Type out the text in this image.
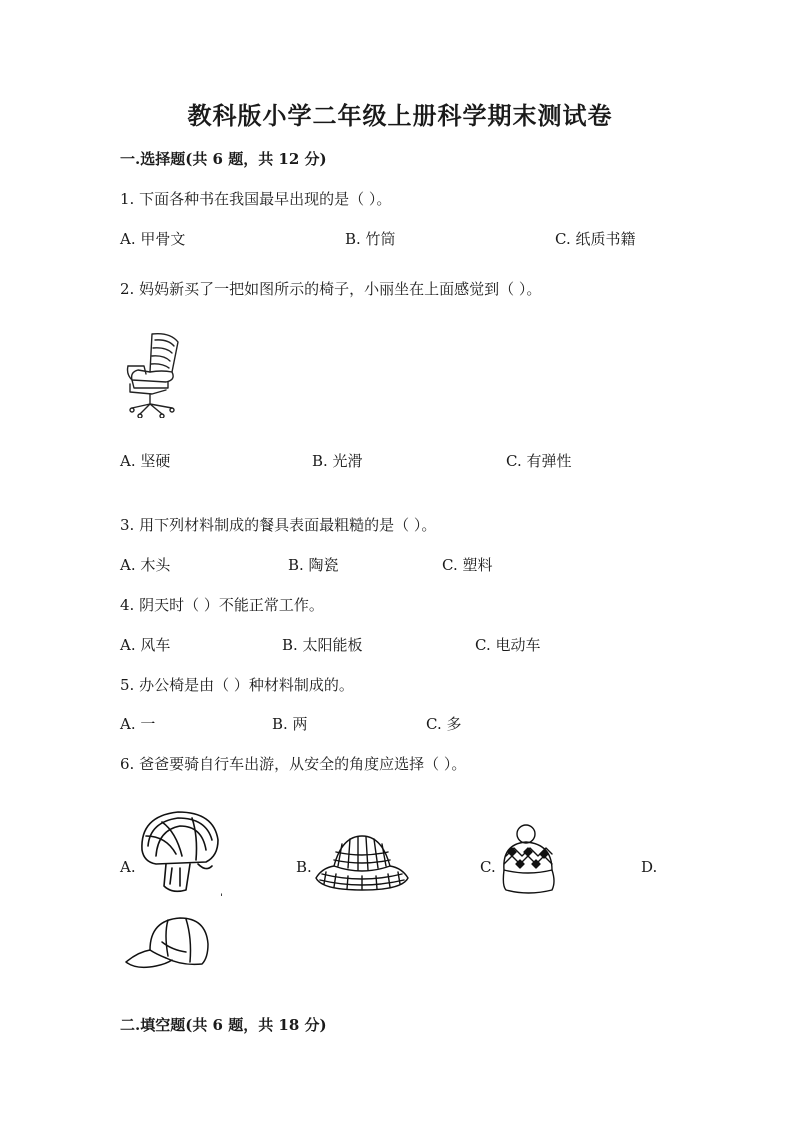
教科版小学二年级上册科学期末测试卷
一.选择题(共 6 题，共 12 分)
1. 下面各种书在我国最早出现的是（ ）。
A. 甲骨文	B. 竹筒	C. 纸质书籍
2. 妈妈新买了一把如图所示的椅子，小丽坐在上面感觉到（ ）。
A. 坚硬	B. 光滑	C. 有弹性
3. 用下列材料制成的餐具表面最粗糙的是（ ）。
A. 木头	B. 陶瓷	C. 塑料
4. 阴天时（ ）不能正常工作。
A. 风车	B. 太阳能板	C. 电动车
5. 办公椅是由（ ）种材料制成的。
A. 一	B. 两	C. 多
6. 爸爸要骑自行车出游，从安全的角度应选择（ ）。
A.	B.	C.	D.
二.填空题(共 6 题，共 18 分)
